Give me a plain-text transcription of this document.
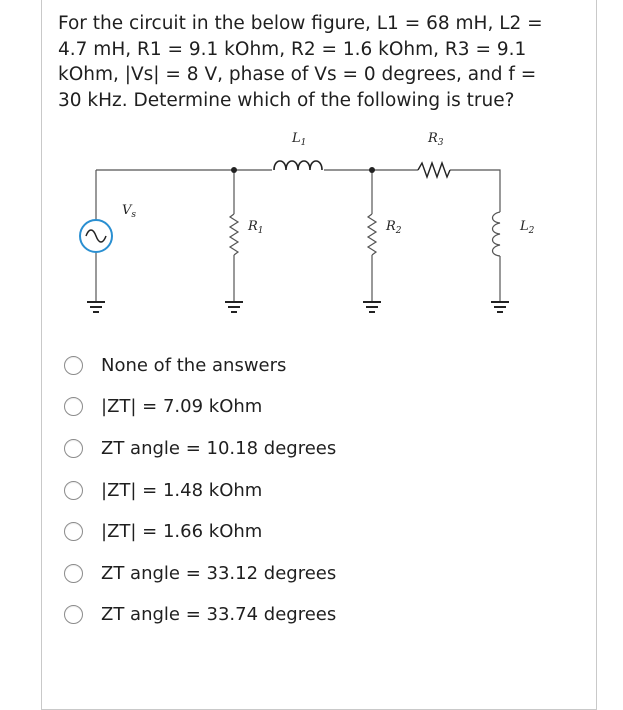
For the circuit in the below figure, L1 = 68 mH, L2 =
4.7 mH, R1 = 9.1 kOhm, R2 = 1.6 kOhm, R3 = 9.1
kOhm, |Vs| = 8 V, phase of Vs = 0 degrees, and f =
30 kHz. Determine which of the following is true?
$L_1$	$R_3$
$V_s$
$R_1$	$R_2$	$L_2$
None of the answers
|ZT| = 7.09 kOhm
ZT angle = 10.18 degrees
|ZT| = 1.48 kOhm
|ZT| = 1.66 kOhm
ZT angle = 33.12 degrees
ZT angle = 33.74 degrees
